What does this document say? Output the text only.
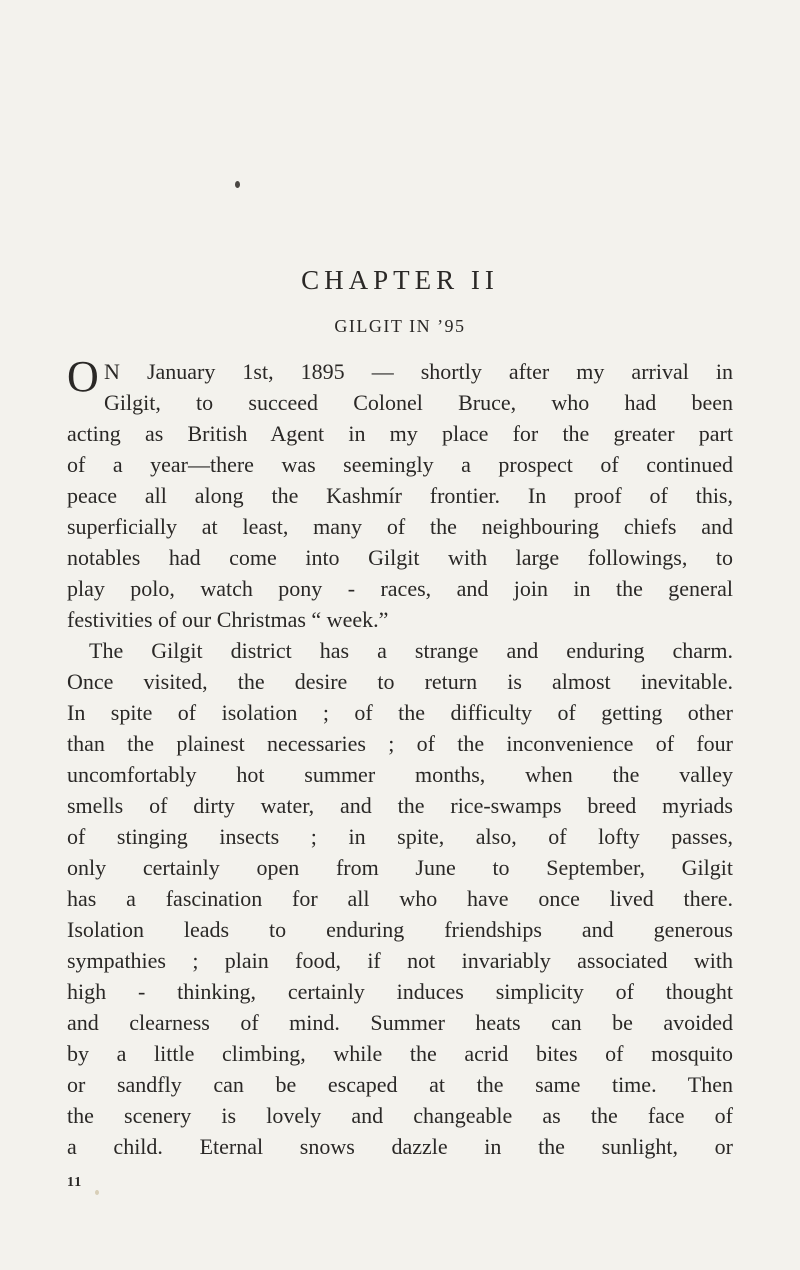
CHAPTER II
GILGIT IN ’95
O N January 1st, 1895 — shortly after my arrival in
Gilgit, to succeed Colonel Bruce, who had been
acting as British Agent in my place for the greater part
of a year—there was seemingly a prospect of continued
peace all along the Kashmír frontier. In proof of this,
superficially at least, many of the neighbouring chiefs and
notables had come into Gilgit with large followings, to
play polo, watch pony - races, and join in the general
festivities of our Christmas “ week.”
The Gilgit district has a strange and enduring charm.
Once visited, the desire to return is almost inevitable.
In spite of isolation ; of the difficulty of getting other
than the plainest necessaries ; of the inconvenience of four
uncomfortably hot summer months, when the valley
smells of dirty water, and the rice-swamps breed myriads
of stinging insects ; in spite, also, of lofty passes,
only certainly open from June to September, Gilgit
has a fascination for all who have once lived there.
Isolation leads to enduring friendships and generous
sympathies ; plain food, if not invariably associated with
high - thinking, certainly induces simplicity of thought
and clearness of mind. Summer heats can be avoided
by a little climbing, while the acrid bites of mosquito
or sandfly can be escaped at the same time. Then
the scenery is lovely and changeable as the face of
a child. Eternal snows dazzle in the sunlight, or
11
